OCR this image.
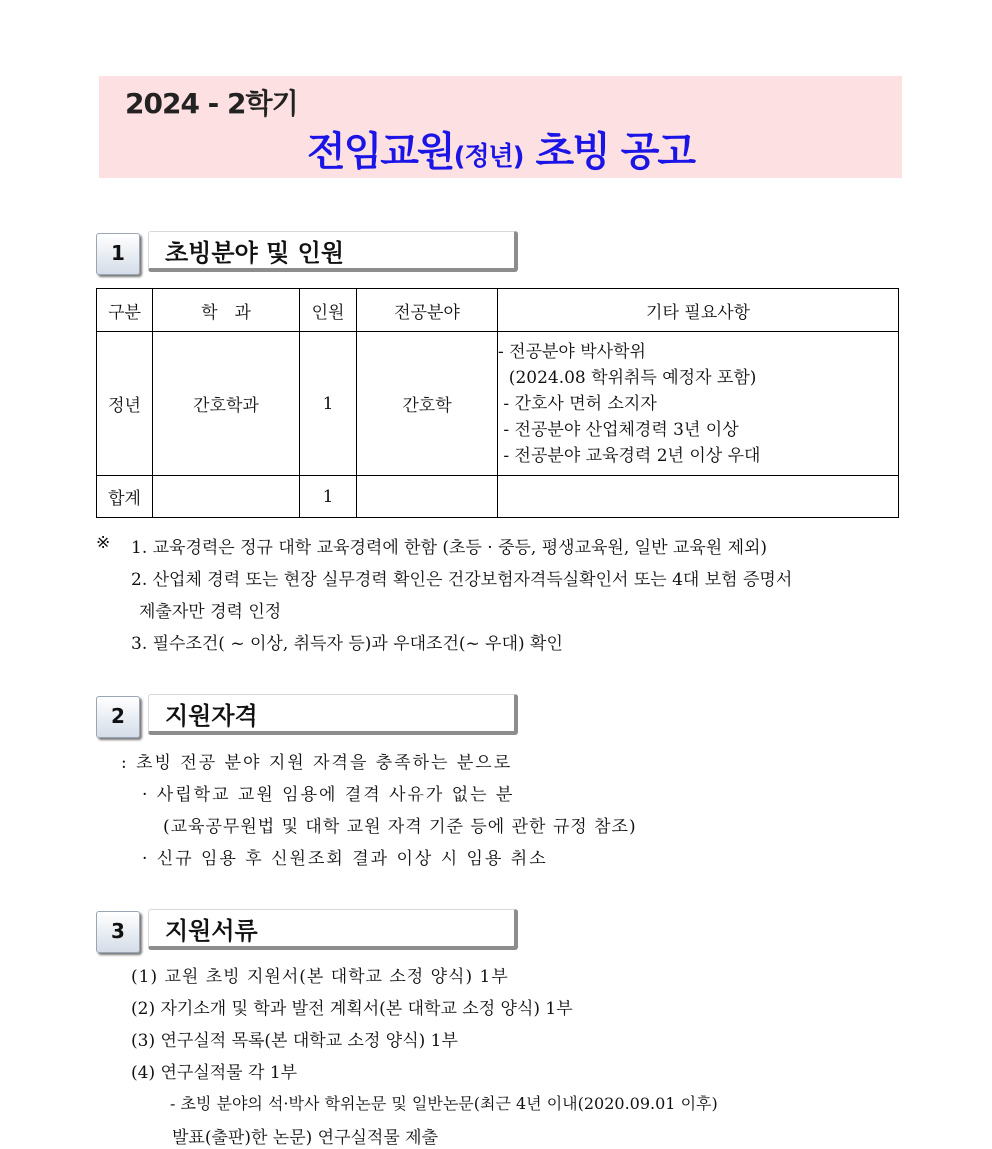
2024 - 2학기
전임교원(정년) 초빙 공고
1	초빙분야 및 인원
구분	학　과	인원	전공분야	기타 필요사항
정년	간호학과	1	간호학	- 전공분야 박사학위
(2024.08 학위취득 예정자 포함)
- 간호사 면허 소지자
- 전공분야 산업체경력 3년 이상
- 전공분야 교육경력 2년 이상 우대

합계		1		
※ 1. 교육경력은 정규 대학 교육경력에 한함 (초등 · 중등, 평생교육원, 일반 교육원 제외)
2. 산업체 경력 또는 현장 실무경력 확인은 건강보험자격득실확인서 또는 4대 보험 증명서
제출자만 경력 인정
3. 필수조건( ~ 이상, 취득자 등)과 우대조건(~ 우대) 확인
2	지원자격
: 초빙 전공 분야 지원 자격을 충족하는 분으로
· 사립학교 교원 임용에 결격 사유가 없는 분
(교육공무원법 및 대학 교원 자격 기준 등에 관한 규정 참조)
· 신규 임용 후 신원조회 결과 이상 시 임용 취소
3	지원서류
(1) 교원 초빙 지원서(본 대학교 소정 양식) 1부
(2) 자기소개 및 학과 발전 계획서(본 대학교 소정 양식) 1부
(3) 연구실적 목록(본 대학교 소정 양식) 1부
(4) 연구실적물 각 1부
- 초빙 분야의 석·박사 학위논문 및 일반논문(최근 4년 이내(2020.09.01 이후)
발표(출판)한 논문) 연구실적물 제출
